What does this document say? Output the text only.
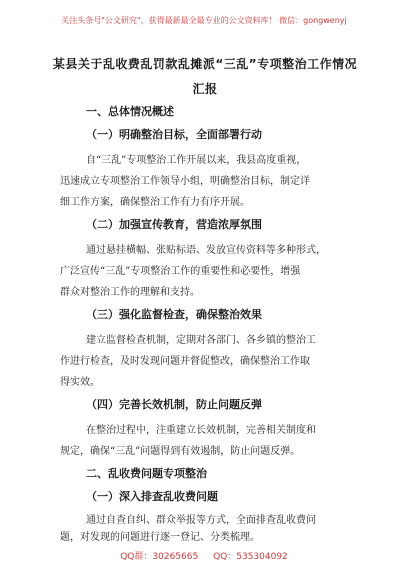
关注头条号"公文研究"，获得最新最全最专业的公文资料库！ 微信：gongwenyj
某县关于乱收费乱罚款乱摊派“三乱”专项整治工作情况
汇报
一、总体情况概述
（一）明确整治目标，全面部署行动
自“三乱”专项整治工作开展以来，我县高度重视，
迅速成立专项整治工作领导小组，明确整治目标，制定详
细工作方案，确保整治工作有力有序开展。
（二）加强宣传教育，营造浓厚氛围
通过悬挂横幅、张贴标语、发放宣传资料等多种形式，
广泛宣传“三乱”专项整治工作的重要性和必要性，增强
群众对整治工作的理解和支持。
（三）强化监督检查，确保整治效果
建立监督检查机制，定期对各部门、各乡镇的整治工
作进行检查，及时发现问题并督促整改，确保整治工作取
得实效。
（四）完善长效机制，防止问题反弹
在整治过程中，注重建立长效机制，完善相关制度和
规定，确保“三乱”问题得到有效遏制，防止问题反弹。
二、乱收费问题专项整治
（一）深入排查乱收费问题
通过自查自纠、群众举报等方式，全面排查乱收费问
题，对发现的问题进行逐一登记、分类梳理。
QQ群：30265665 QQ：535304092
